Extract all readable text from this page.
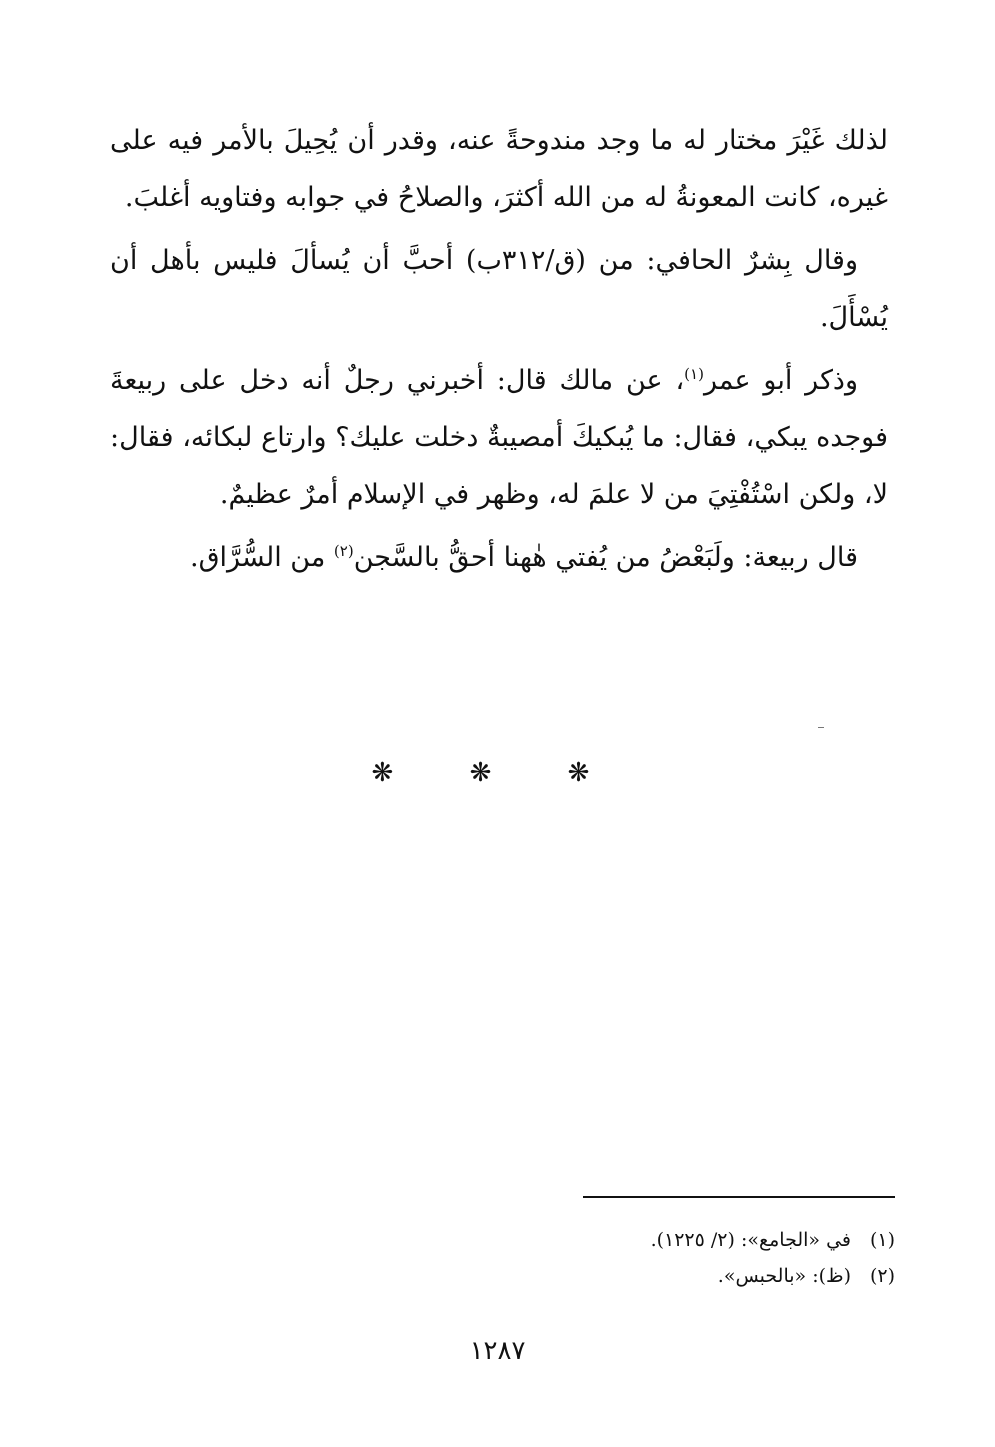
لذلك غَيْرَ مختار له ما وجد مندوحةً عنه، وقدر أن يُحِيلَ بالأمر فيه على غيره، كانت المعونةُ له من الله أكثرَ، والصلاحُ في جوابه وفتاويه أغلبَ.

وقال بِشرٌ الحافي: من (ق/٣١٢ب) أحبَّ أن يُسألَ فليس بأهل أن يُسْأَلَ.

وذكر أبو عمر$^{(١)}$، عن مالك قال: أخبرني رجلٌ أنه دخل على ربيعةَ فوجده يبكي، فقال: ما يُبكيكَ أمصيبةٌ دخلت عليك؟ وارتاع لبكائه، فقال: لا، ولكن اسْتُفْتِيَ من لا علمَ له، وظهر في الإسلام أمرٌ عظيمٌ.

قال ربيعة: ولَبَعْضُ من يُفتي هٰهنا أحقُّ بالسَّجن$^{(٢)}$ من السُّرَّاق.

❋ ❋ ❋
(١)في «الجامع»: (٢/ ١٢٢٥).
(٢)(ظ): «بالحبس».
١٢٨٧
